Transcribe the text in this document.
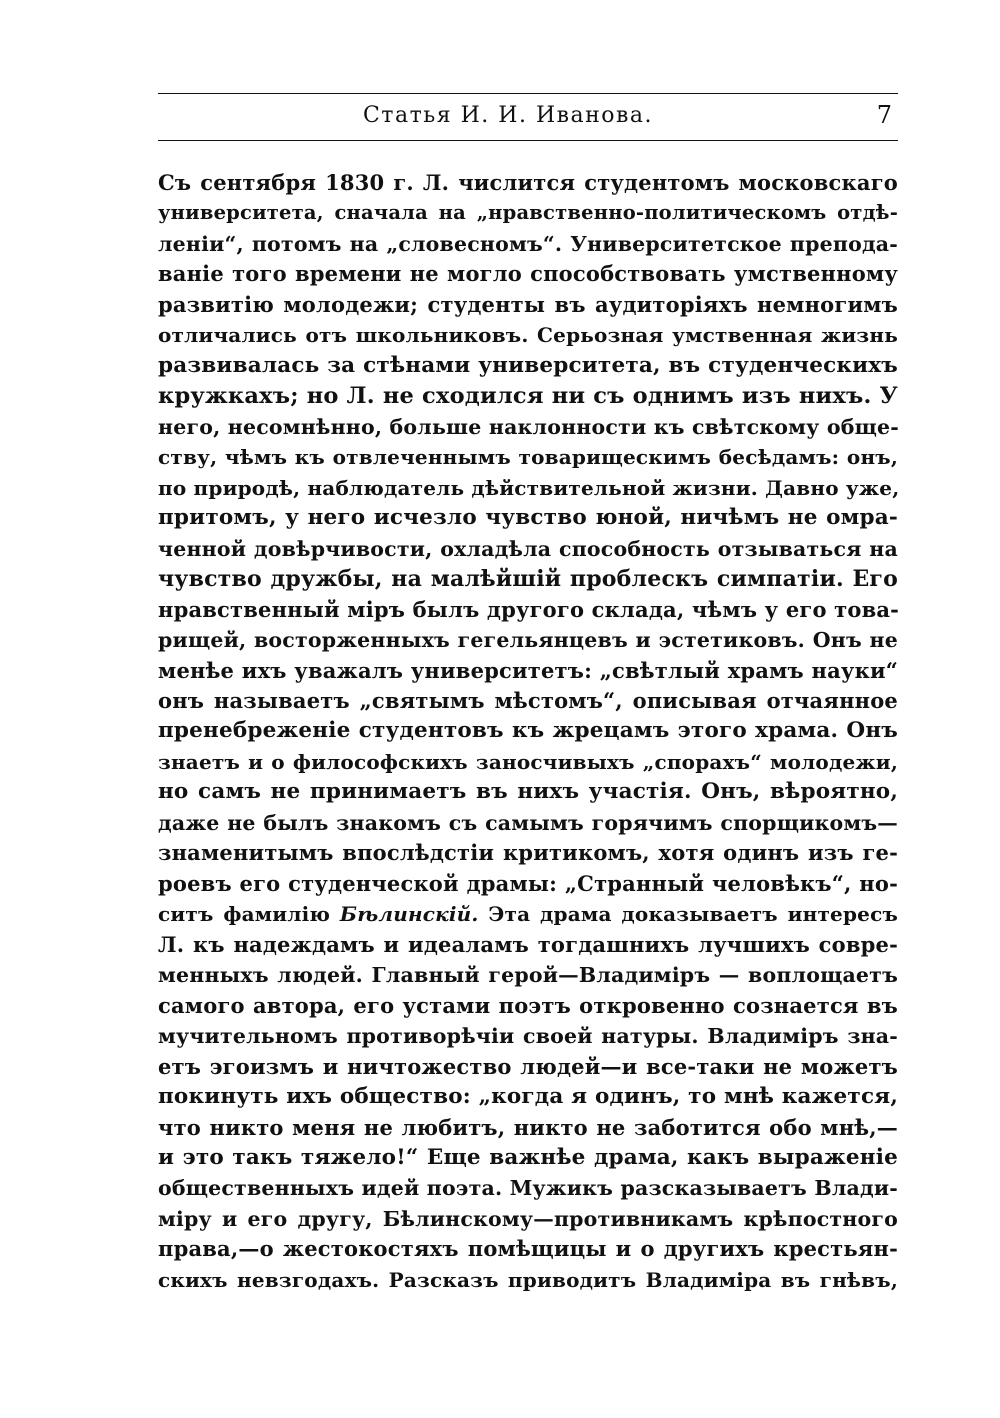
Статья И. И. Иванова.	7
Съ сентября 1830 г. Л. числится студентомъ московскаго
университета, сначала на „нравственно-политическомъ отдѣ-
леніи“, потомъ на „словесномъ“. Университетское препода-
ваніе того времени не могло способствовать умственному
развитію молодежи; студенты въ аудиторіяхъ немногимъ
отличались отъ школьниковъ. Серьозная умственная жизнь
развивалась за стѣнами университета, въ студенческихъ
кружкахъ; но Л. не сходился ни съ однимъ изъ нихъ. У
него, несомнѣнно, больше наклонности къ свѣтскому обще-
ству, чѣмъ къ отвлеченнымъ товарищескимъ бесѣдамъ: онъ,
по природѣ, наблюдатель дѣйствительной жизни. Давно уже,
притомъ, у него исчезло чувство юной, ничѣмъ не омра-
ченной довѣрчивости, охладѣла способность отзываться на
чувство дружбы, на малѣйшій проблескъ симпатіи. Его
нравственный міръ былъ другого склада, чѣмъ у его това-
рищей, восторженныхъ гегельянцевъ и эстетиковъ. Онъ не
менѣе ихъ уважалъ университетъ: „свѣтлый храмъ науки“
онъ называетъ „святымъ мѣстомъ“, описывая отчаянное
пренебреженіе студентовъ къ жрецамъ этого храма. Онъ
знаетъ и о философскихъ заносчивыхъ „спорахъ“ молодежи,
но самъ не принимаетъ въ нихъ участія. Онъ, вѣроятно,
даже не былъ знакомъ съ самымъ горячимъ спорщикомъ—
знаменитымъ впослѣдстіи критикомъ, хотя одинъ изъ ге-
роевъ его студенческой драмы: „Странный человѣкъ“, но-
ситъ фамилію Бѣлинскій. Эта драма доказываетъ интересъ
Л. къ надеждамъ и идеаламъ тогдашнихъ лучшихъ совре-
менныхъ людей. Главный герой—Владиміръ — воплощаетъ
самого автора, его устами поэтъ откровенно сознается въ
мучительномъ противорѣчіи своей натуры. Владиміръ зна-
етъ эгоизмъ и ничтожество людей—и все-таки не можетъ
покинуть ихъ общество: „когда я одинъ, то мнѣ кажется,
что никто меня не любитъ, никто не заботится обо мнѣ,—
и это такъ тяжело!“ Еще важнѣе драма, какъ выраженіе
общественныхъ идей поэта. Мужикъ разсказываетъ Влади-
міру и его другу, Бѣлинскому—противникамъ крѣпостного
права,—о жестокостяхъ помѣщицы и о другихъ крестьян-
скихъ невзгодахъ. Разсказъ приводитъ Владиміра въ гнѣвъ,
